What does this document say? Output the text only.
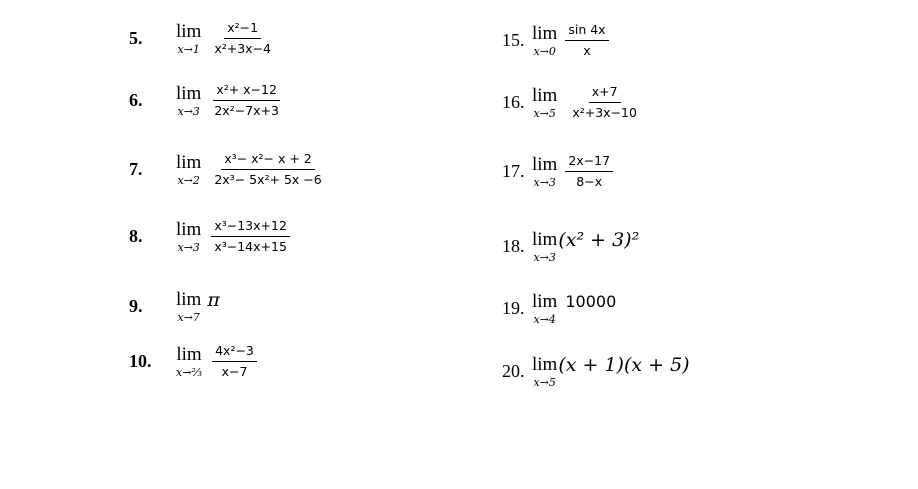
5.	lim
$x\to 1 \frac{\text{x²−1}}{\text{x²+3x−4}}$
6.	lim
$x\to 3 \frac{\text{x²+ x−12}}{\text{2x²−7x+3}}$
7.	lim
$x\to 2 \frac{\text{x³− x²− x + 2}}{\text{2x³− 5x²+ 5x −6}}$
8.	lim
$x\to 3 \frac{\text{x³−13x+12}}{\text{x³−14x+15}}$
9.	lim
x→7
π
10.	lim
x→⅔ $\frac{\text{4x²−3}}{x-7}$
15. lim
$x\to 0 \frac{\sin 4x}{x}$
16. lim
$x\to 5 \frac{x+7}{\text{x²+3x−10}}$
17. lim
$x\to 3 \frac{2x-17}{8-x}$
18. lim
x→3
(x² + 3)²
19. lim
x→4
10000
20. lim
x→5
(x + 1)(x + 5)
